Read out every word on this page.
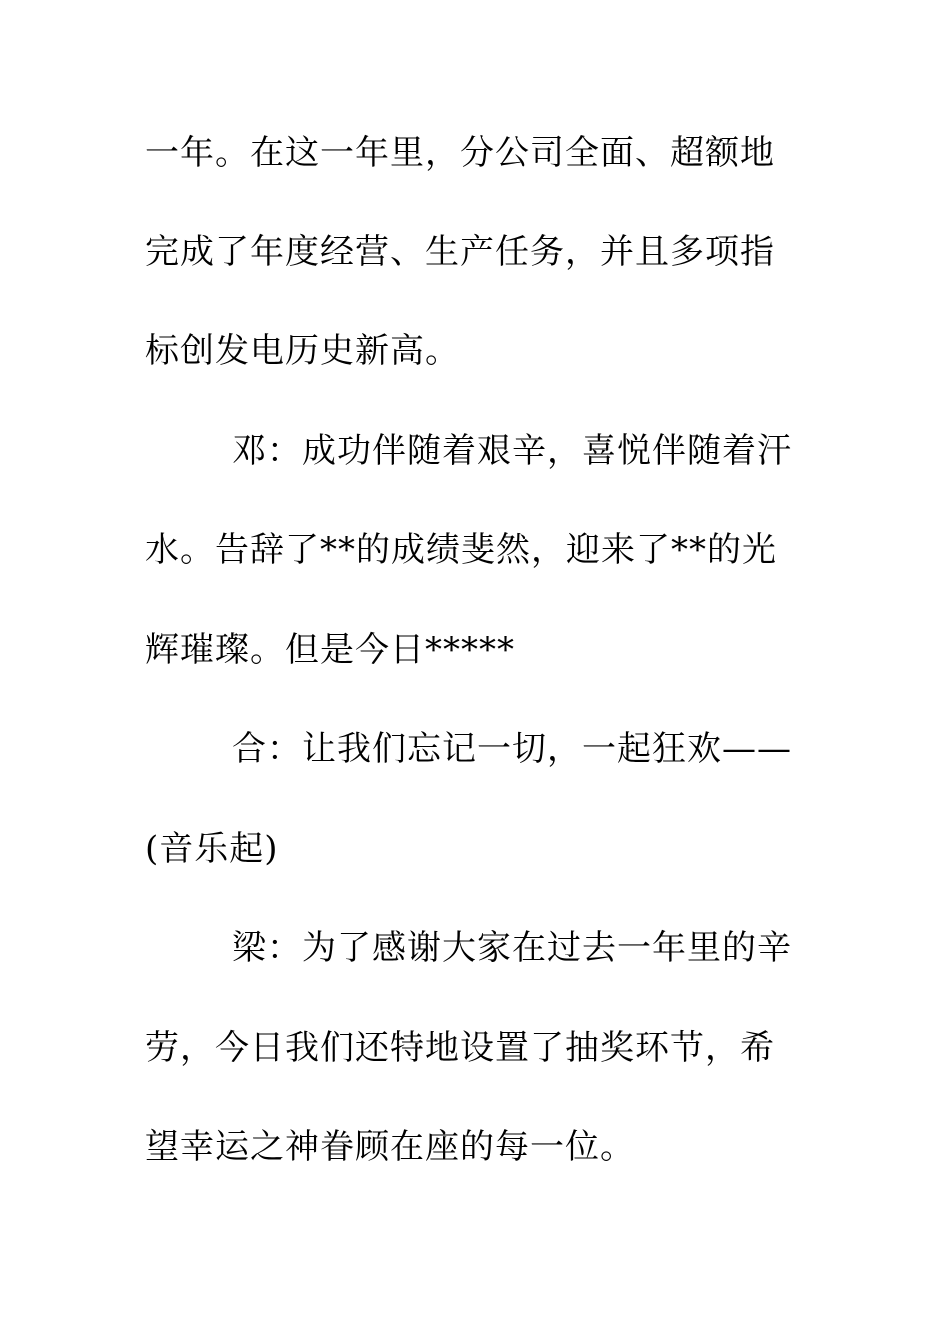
一年。在这一年里，分公司全面、超额地
完成了年度经营、生产任务，并且多项指
标创发电历史新高。
邓：成功伴随着艰辛，喜悦伴随着汗
水。告辞了**的成绩斐然，迎来了**的光
辉璀璨。但是今日*****
合：让我们忘记一切，一起狂欢——
(音乐起)
梁：为了感谢大家在过去一年里的辛
劳，今日我们还特地设置了抽奖环节，希
望幸运之神眷顾在座的每一位。
